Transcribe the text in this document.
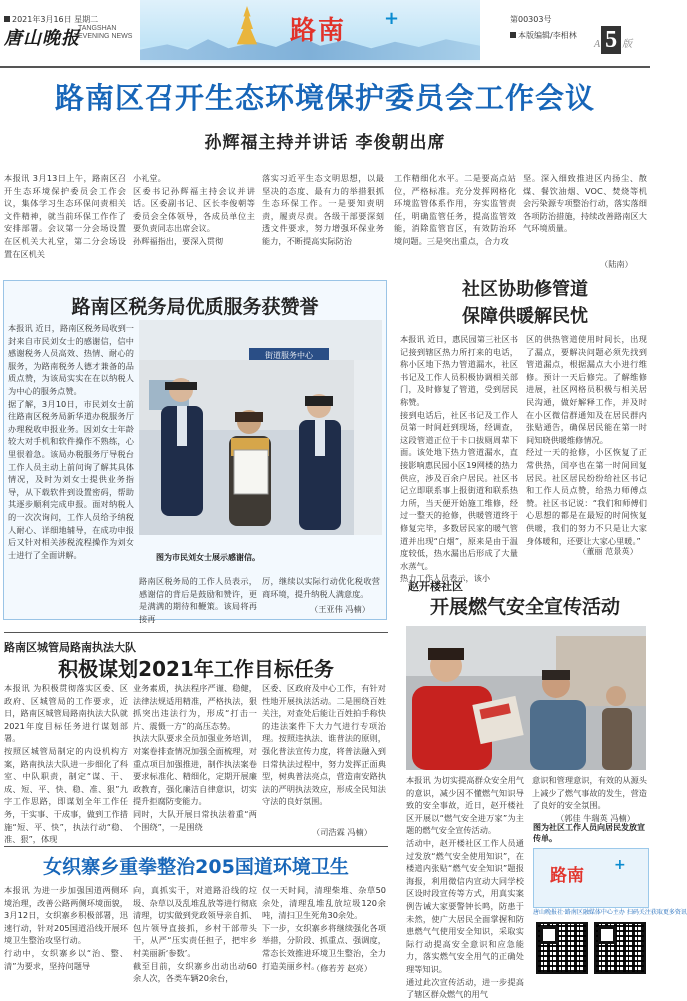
2021年3月16日 星期二
唐山晚报
TANGSHAN EVENING NEWS	路南 +	第00303号
本版编辑/李相林
A 5 版
路南区召开生态环境保护委员会工作会议
孙辉福主持并讲话 李俊朝出席
本报讯 3月13日上午，路南区召开生态环境保护委员会工作会议，集体学习生态环保问责相关文件精神，就当前环保工作作了安排部署。会议第一分会场设置在区机关大礼堂，第二分会场设置在区机关
小礼堂。
区委书记孙辉福主持会议并讲话。区委副书记、区长李俊朝等委员会全体领导，各成员单位主要负责同志出席会议。
孙辉福指出，要深入贯彻
落实习近平生态文明思想，以最坚决的态度、最有力的举措狠抓生态环保工作。一是要知责明责，履责尽责。各级干部要深刻透文件要求，努力增强环保业务能力，不断提高实际防治
工作精细化水平。二是要高点站位，严格标准。充分发挥网格化环境监管体系作用，夯实监管责任，明确监管任务，提高监管效能，消除监管盲区，有效防治环境问题。三是突出重点，合力攻
坚。深入细致推进区内扬尘、散煤、餐饮油烟、VOC、焚烧等机会污染源专项整治行动，落实落细各项防治措施，持续改善路南区大气环境质量。
（陆南）
路南区税务局优质服务获赞誉
本报讯 近日，路南区税务局收到一封来自市民刘女士的感谢信，信中感谢税务人员高效、热情、耐心的服务，为路南税务人德才兼备的品质点赞，为该局实实在在以纳税人为中心的服务点赞。
据了解，3月10日，市民刘女士前往路南区税务局新华道办税服务厅办理税收申报业务。因刘女士年龄较大对手机和软件操作不熟练，心里很着急。该局办税服务厅导税台工作人员主动上前问询了解其具体情况，及时为刘女士提供业务指导，从下载软件到设置密码，帮助其逐步顺利完成申报。面对纳税人的一次次询问，工作人员给予纳税人耐心、详细地辅导，在成功申报后又针对相关涉税流程操作为刘女士进行了全面讲解。
街道服务中心
图为市民刘女士展示感谢信。
路南区税务局的工作人员表示，感谢信的背后是鼓励和赞许，更是满满的期待和鞭策。该局将再接再
厉，继续以实际行动优化税收营商环境，提升纳税人满意度。
（王亚伟 冯楠）
社区协助修管道
保障供暖解民忧
本报讯 近日，惠民园第三社区书记接到辖区热力所打来的电话，称小区地下热力管道漏水，社区书记及工作人员积极协调相关部门，及时修复了管道，受到居民称赞。
接到电话后，社区书记及工作人员第一时间赶到现场，经调查，这段管道正位于卡口拔厕周辈下面。该处地下热力管道漏水，直接影响惠民园小区19网楼的热力供应，涉及百余户居民。社区书记立即联系事上报街道和联系热力所，当天便开始施工维修，经过一整天的抢修，供暖管道终于修复完毕，多数居民家的暖气管道并出现“白烟”，原来是由于温度较低，热水漏出后形成了大量水蒸气。
热力工作人员表示，该小
区的供热管道使用时间长，出现了漏点，要解决问题必须先找到管道漏点，根据漏点大小进行维修。预计一天后修完。了解维修进展，社区网格员积极与相关居民沟通，做好解释工作，并及时在小区微信群通知及在居民群内张贴通告，确保居民能在第一时间知晓供暖维修情况。
经过一天的抢修，小区恢复了正常供热，闰亭也在第一时间回复居民。社区居民纷纷给社区书记和工作人员点赞，给热力师傅点赞。社区书记说：“我们和师傅们心思想的都是在最短的时间恢复供暖，我们的努力不只是让大家身体暖和，还要让大家心里暖。”
（董丽 范景英）
路南区城管局路南执法大队
积极谋划2021年工作目标任务
本报讯 为积极贯彻落实区委、区政府、区城管局的工作要求，近日，路南区城管局路南执法大队就2021年度目标任务进行谋划部署。
按照区城管局制定的内设机构方案，路南执法大队进一步细化了科室、中队职责，制定“谋、干、成、短、平、快、稳、准、狠”九字工作思路，即谋划全年工作任务，干实事、干成事，做到工作措施“短、平、快”，执法行动“稳、准、狠”，体现
业务素质，执法程序严谨、稳健，法律法规适用精准，严格执法，狠抓突出违法行为，形成“打击一片、震慑一方”的高压态势。
执法大队要求全员加强业务培训，对案卷排查情况加强全面梳理，对重点项目加强推进，制作执法案卷要求标准化、精细化，定期开展廉政教育，强化廉洁自律意识，切实提升拒腐防变能力。
同时，大队开展日常执法着重“两个围绕”，一是围绕
区委、区政府及中心工作，有针对性地开展执法活动。二是围绕百姓关注，对查处后能让百姓拍手称快的违法案件下大力气进行专项治理。按照违执法、谁普法的原则，强化普法宣传力度，将普法融入到日常执法过程中，努力发挥正面典型，树典普法亮点，营造南安路执法的严明执法效应，形成全民知法守法的良好氛围。
（司浩霖 冯楠）
赵开楼社区
开展燃气安全宣传活动
本报讯 为切实提高群众安全用气的意识，减少因不懂燃气知识导致的安全事故，近日，赵开楼社区开展以“燃气安全进万家”为主题的燃气安全宣传活动。
活动中，赵开楼社区工作人员通过发放“燃气安全使用知识”，在楼道内张贴“燃气安全知识”题报海报，利用微信内宣动大同学校区设时段宣传等方式，用真实案例告诫大家要警钟长鸣，防患于未然，使广大居民全面掌握和防患燃气气使用安全知识，采取实际行动提高安全意识和应急能力，落实燃气安全用气的正确处理等知识。
通过此次宣传活动，进一步提高了辖区群众燃气的用气
意识和管理意识，有效的从源头上减少了燃气事故的发生，营造了良好的安全氛围。
（郭佳 牛瑞英 冯楠）
图为社区工作人员向居民发放宣传单。
女织寨乡重拳整治205国道环境卫生
本报讯 为进一步加强国道两侧环境治理，改善公路两侧环境面貌，3月12日，女织寨乡积极部署，迅速行动，针对205国道沿线开展环境卫生整治攻坚行动。
行动中，女织寨乡以“治、整、清”为要求，坚持问题导
向，真抓实干，对道路沿线的垃圾、杂草以及乱堆乱放等进行彻底清理，切实做到党政领导亲自抓、包片领导直接抓，乡村干部带头干，从严“压实责任担子，把牢乡村美丽新‘参数’。
截至目前，女织寨乡出动出动60余人次，各类车辆20余台，
仅一天时间，清理柴堆、杂草50余处，清理乱堆乱放垃圾120余吨，清扫卫生死角30余处。
下一步，女织寨乡将继续强化各项举措，分阶段、抓重点、强调度，常态长效推进环境卫生整治，全力打造美丽乡村。
（修若芳 赵亮）
路南
+
唐山晚报社·路南区融媒体中心主办 扫码关注获取更多资讯
